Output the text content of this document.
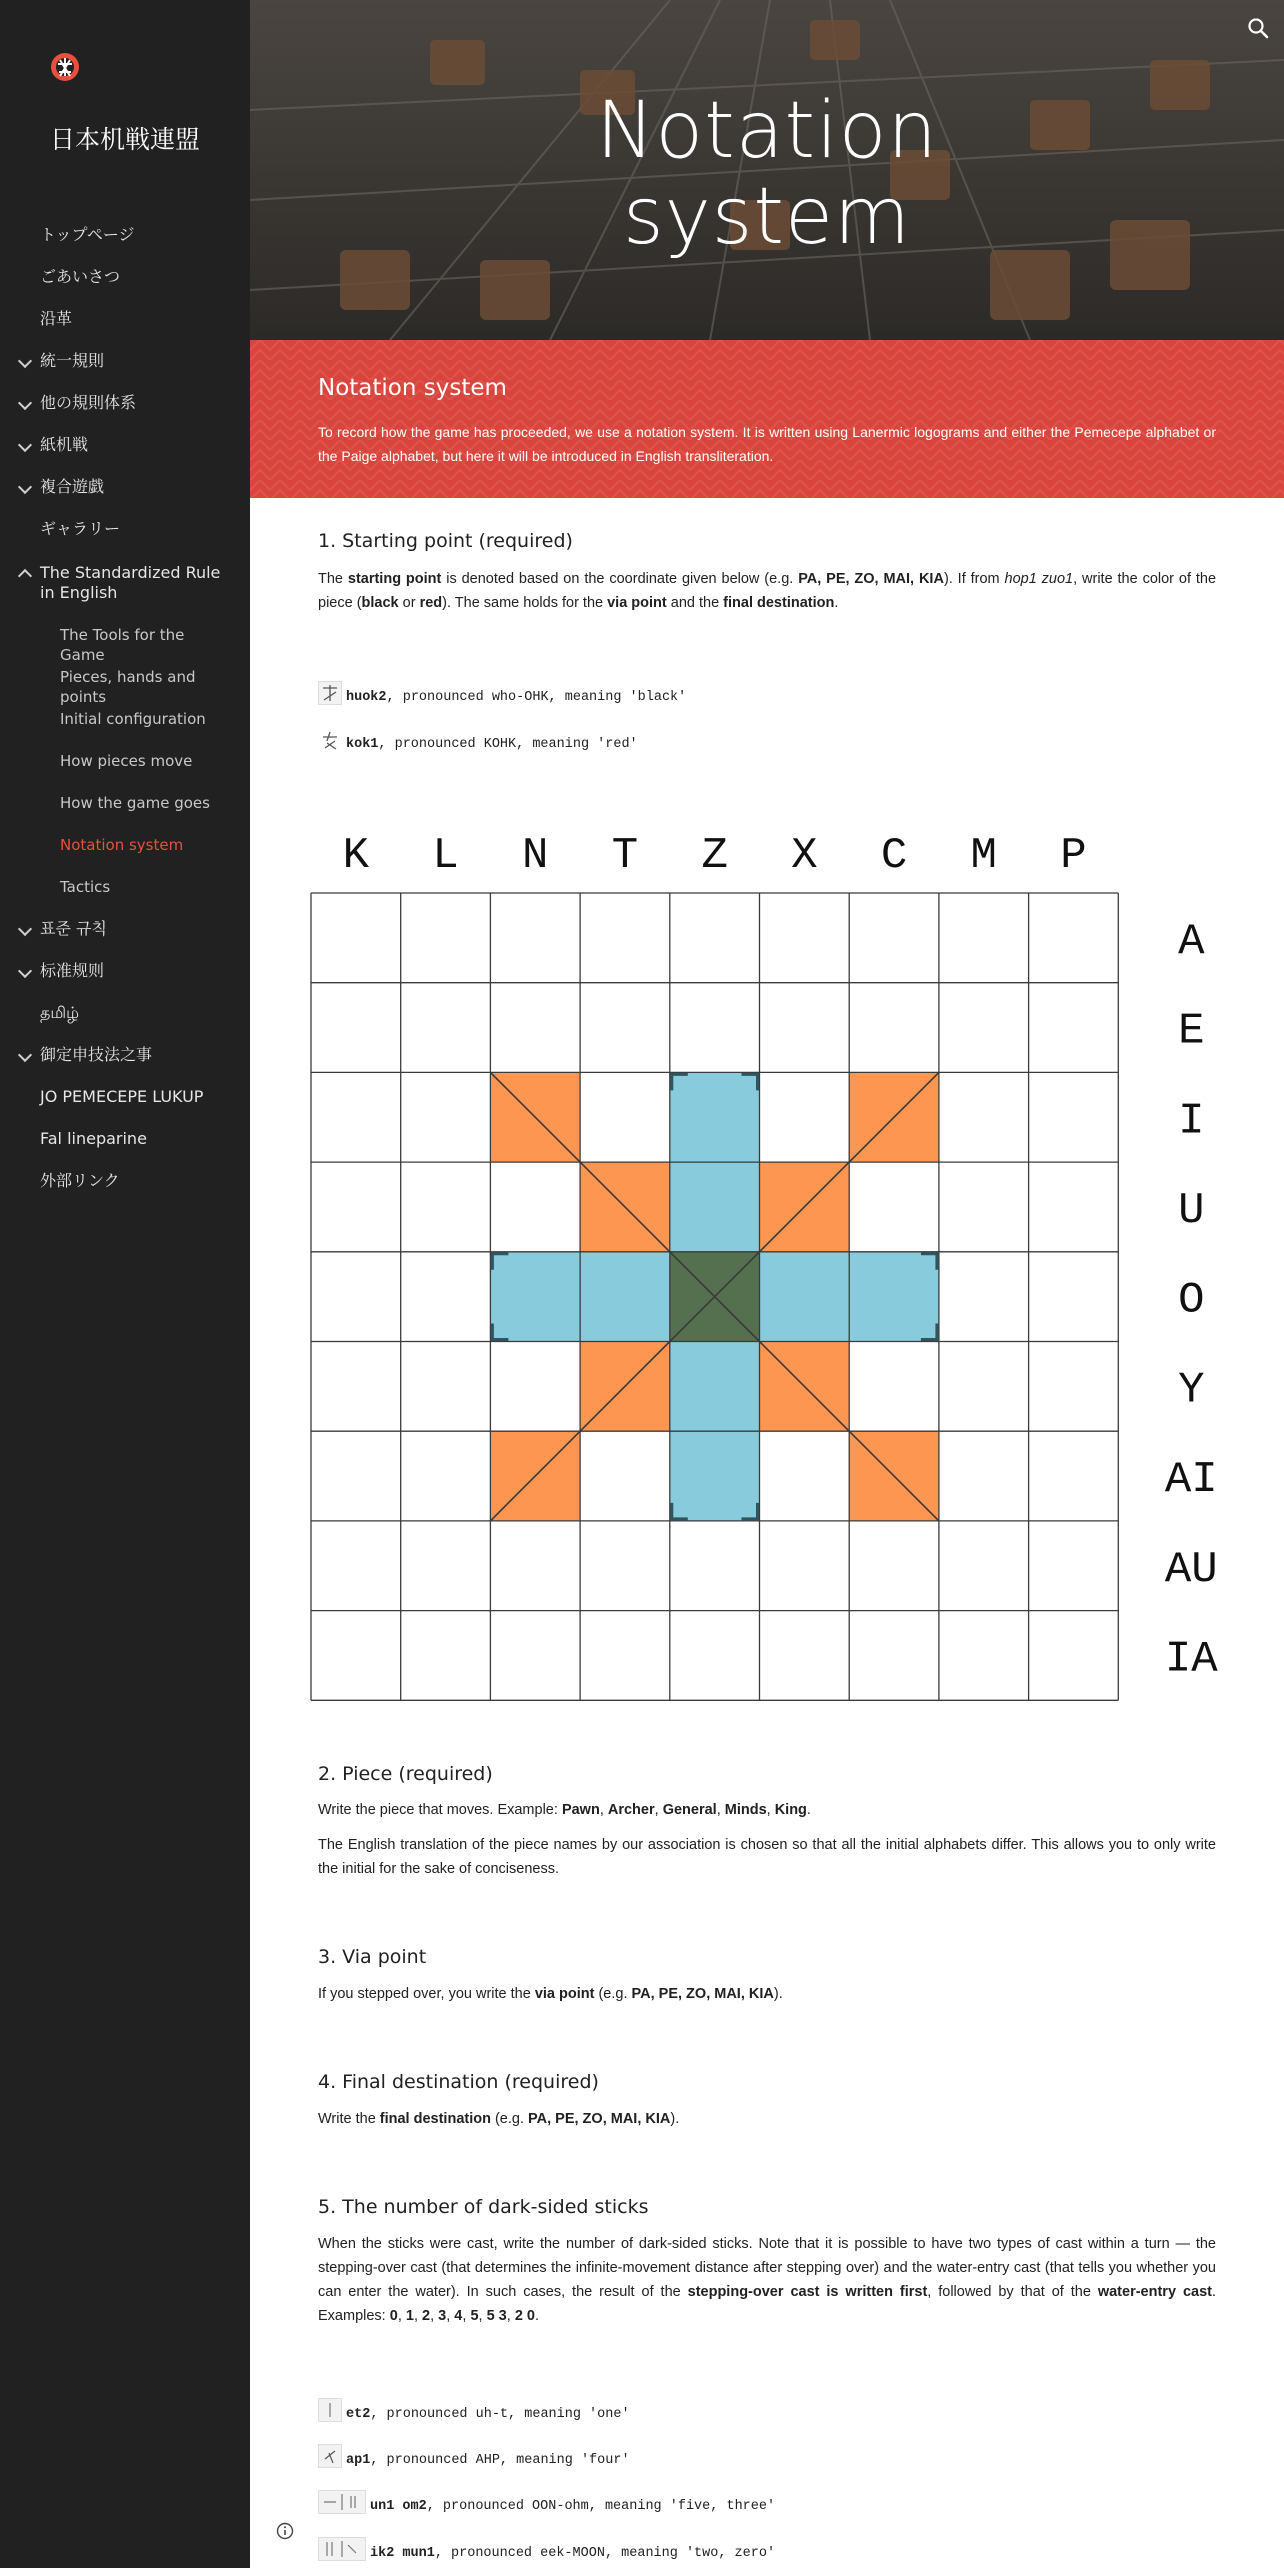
日本机戦連盟
トップページ
ごあいさつ
沿革
統一規則
他の規則体系
紙机戦
複合遊戯
ギャラリー
The Standardized Rule in English
The Tools for the Game
Pieces, hands and points
Initial configuration
How pieces move
How the game goes
Notation system
Tactics
표준 규칙
标准规则
தமிழ்
御定申技法之事
JO PEMECEPE LUKUP
Fal lineparine
外部リンク
Notation
system
Notation system
To record how the game has proceeded, we use a notation system. It is written using Lanermic logograms and either the Pemecepe alphabet or the Paige alphabet, but here it will be introduced in English transliteration.
1. Starting point (required)

The starting point is denoted based on the coordinate given below (e.g. PA, PE, ZO, MAI, KIA). If from hop1 zuo1, write the color of the piece (black or red). The same holds for the via point and the final destination.

huok2, pronounced who-OHK, meaning 'black'
kok1, pronounced KOHK, meaning 'red'
K L N T Z X C M P
A
E
I
U
O
Y
AI
AU
IA
2. Piece (required)

Write the piece that moves. Example: Pawn, Archer, General, Minds, King.

The English translation of the piece names by our association is chosen so that all the initial alphabets differ. This allows you to only write the initial for the sake of conciseness.

3. Via point

If you stepped over, you write the via point (e.g. PA, PE, ZO, MAI, KIA).

4. Final destination (required)

Write the final destination (e.g. PA, PE, ZO, MAI, KIA).

5. The number of dark-sided sticks

When the sticks were cast, write the number of dark-sided sticks. Note that it is possible to have two types of cast within a turn — the stepping-over cast (that determines the infinite-movement distance after stepping over) and the water-entry cast (that tells you whether you can enter the water). In such cases, the result of the stepping-over cast is written first, followed by that of the water-entry cast. Examples: 0, 1, 2, 3, 4, 5, 5 3, 2 0.

et2, pronounced uh-t, meaning 'one'
ap1, pronounced AHP, meaning 'four'
un1 om2, pronounced OON-ohm, meaning 'five, three'
ik2 mun1, pronounced eek-MOON, meaning 'two, zero'
